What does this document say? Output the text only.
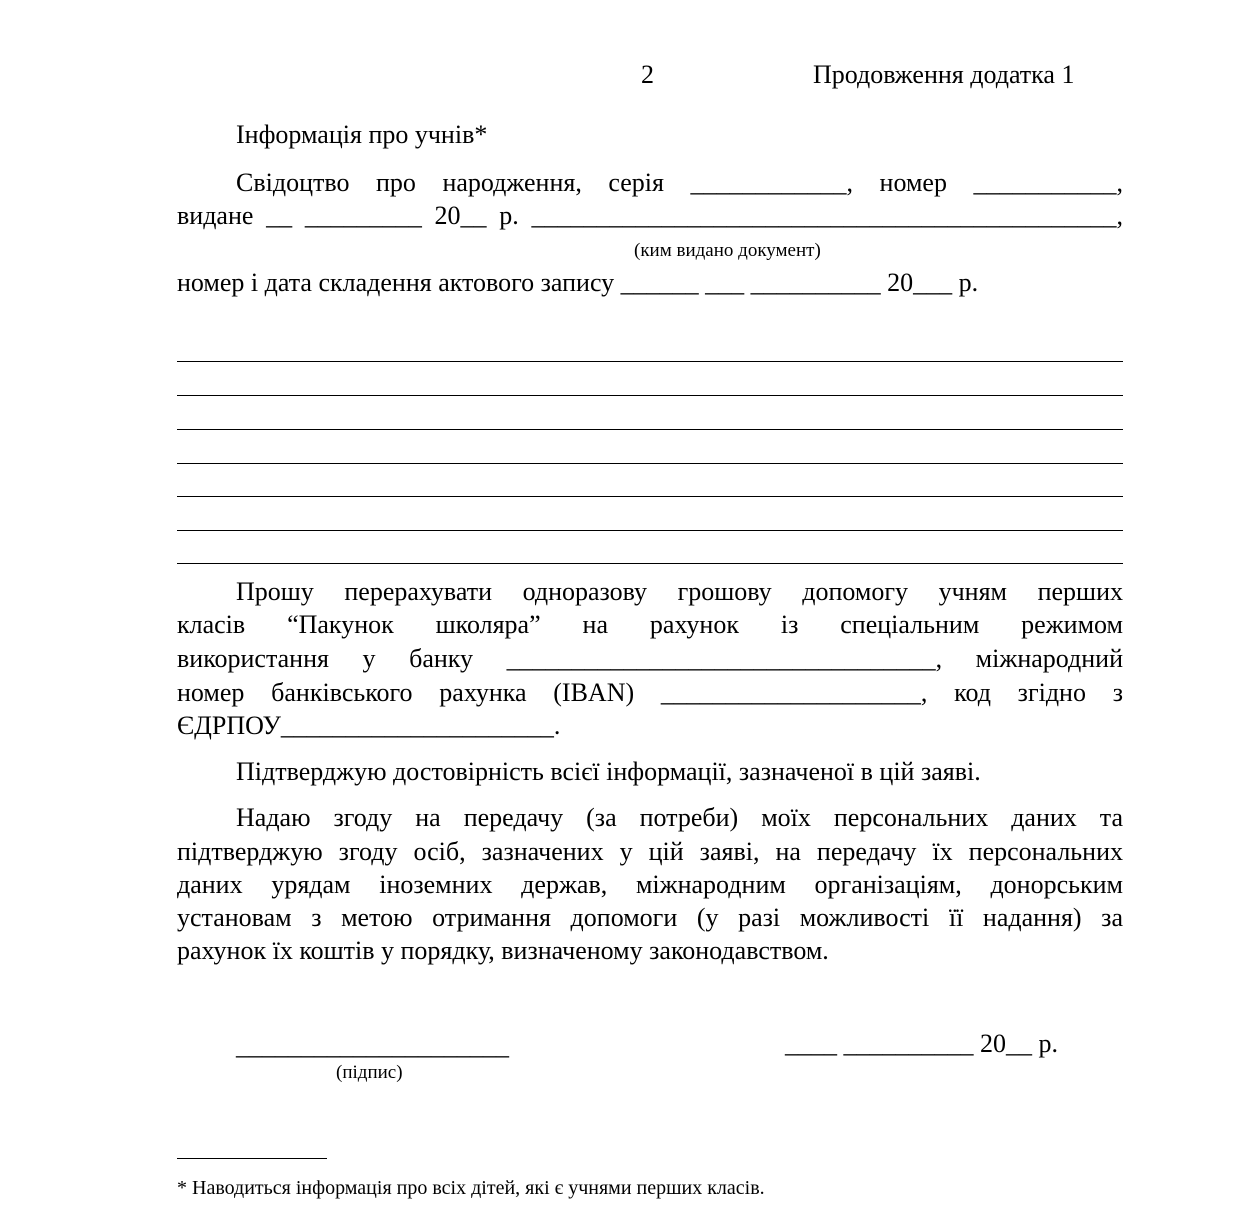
2	Продовження додатка 1
Інформація про учнів*
Свідоцтво про народження, серія ____________, номер ___________,
видане __ _________ 20__ р. _____________________________________________,
(ким видано документ)
номер і дата складення актового запису ______ ___ __________ 20___ р.
Прошу перерахувати одноразову грошову допомогу учням перших
класів “Пакунок школяра” на рахунок із спеціальним режимом
використання у банку _________________________________, міжнародний
номер банківського рахунка (IBAN) ____________________, код згідно з
ЄДРПОУ_____________________.
Підтверджую достовірність всієї інформації, зазначеної в цій заяві.
Надаю згоду на передачу (за потреби) моїх персональних даних та
підтверджую згоду осіб, зазначених у цій заяві, на передачу їх персональних
даних урядам іноземних держав, міжнародним організаціям, донорським
установам з метою отримання допомоги (у разі можливості її надання) за
рахунок їх коштів у порядку, визначеному законодавством.
_____________________
(підпис)
____ __________ 20__ р.
* Наводиться інформація про всіх дітей, які є учнями перших класів.
